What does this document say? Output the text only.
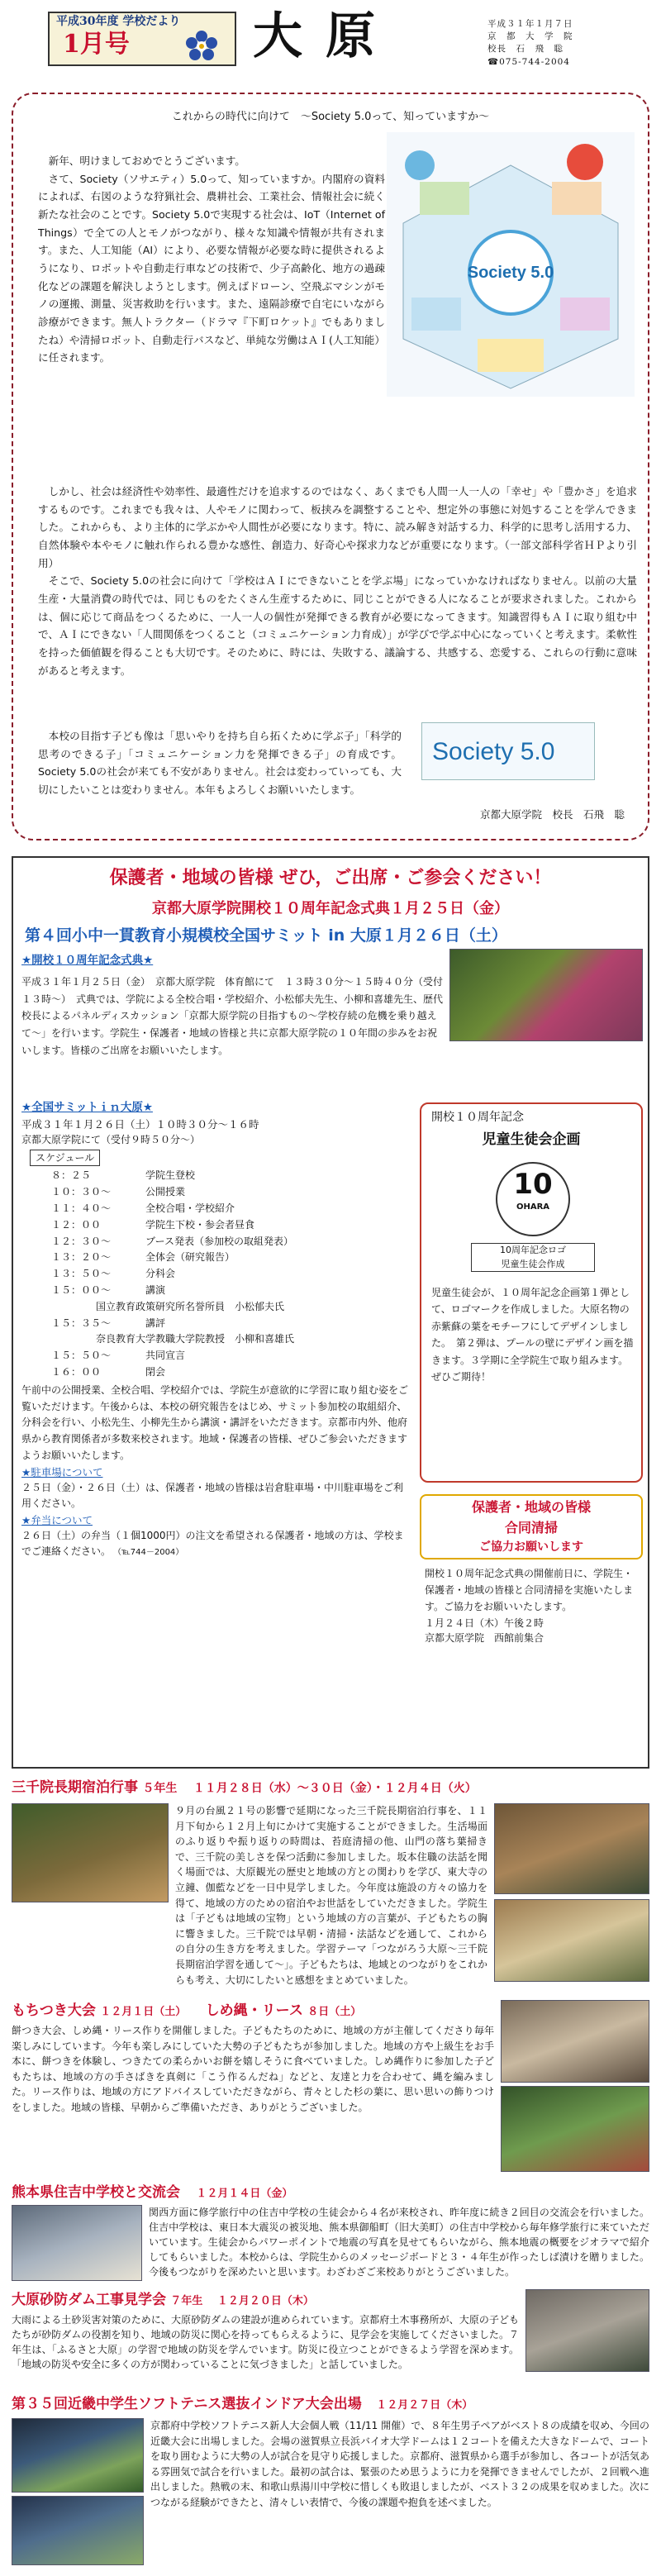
平成30年度 学校だより
1月号 大原	平成３１年１月７日
京　都　大　学　院
校長　石　飛　聡
☎075-744-2004
これからの時代に向けて　～Society 5.0って、知っていますか～
Society 5.0

新年、明けましておめでとうございます。

さて、Society（ソサエティ）5.0って、知っていますか。内閣府の資料によれば、右図のような狩猟社会、農耕社会、工業社会、情報社会に続く新たな社会のことです。Society 5.0で実現する社会は、IoT（Internet of Things）で全ての人とモノがつながり、様々な知識や情報が共有されます。また、人工知能（AI）により、必要な情報が必要な時に提供されるようになり、ロボットや自動走行車などの技術で、少子高齢化、地方の過疎化などの課題を解決しようとします。例えばドローン、空飛ぶマシンがモノの運搬、測量、災害救助を行います。また、遠隔診療で自宅にいながら診療ができます。無人トラクター（ドラマ『下町ロケット』でもありましたね）や清掃ロボット、自動走行バスなど、単純な労働はＡＩ(人工知能）に任されます。

しかし、社会は経済性や効率性、最適性だけを追求するのではなく、あくまでも人間一人一人の「幸せ」や「豊かさ」を追求するものです。これまでも我々は、人やモノに関わって、板挟みを調整することや、想定外の事態に対処することを学んできました。これからも、より主体的に学ぶかや人間性が必要になります。特に、読み解き対話する力、科学的に思考し活用する力、自然体験や本やモノに触れ作られる豊かな感性、創造力、好奇心や探求力などが重要になります。（一部文部科学省ＨＰより引用）

そこで、Society 5.0の社会に向けて「学校はＡＩにできないことを学ぶ場」になっていかなければなりません。以前の大量生産・大量消費の時代では、同じものをたくさん生産するために、同じことができる人になることが要求されました。これからは、個に応じて商品をつくるために、一人一人の個性が発揮できる教育が必要になってきます。知識習得もＡＩに取り組む中で、ＡＩにできない「人間関係をつくること（コミュニケーション力育成）」が学びで学ぶ中心になっていくと考えます。柔軟性を持った価値観を得ることも大切です。そのために、時には、失敗する、議論する、共感する、恋愛する、これらの行動に意味があると考えます。

本校の目指す子ども像は「思いやりを持ち自ら拓くために学ぶ子」「科学的思考のできる子」「コミュニケーション力を発揮できる子」の育成です。Society 5.0の社会が来ても不安がありません。社会は変わっていっても、大切にしたいことは変わりません。本年もよろしくお願いいたします。

Society 5.0
京都大原学院　校長　石飛　聡
保護者・地域の皆様 ぜひ，ご出席・ご参会ください！
京都大原学院開校１０周年記念式典１月２５日（金）
第４回小中一貫教育小規模校全国サミット in 大原１月２６日（土）
★開校１０周年記念式典★
平成３１年１月２５日（金）　京都大原学院　体育館にて　１３時３０分～１５時４０分（受付１３時～）　式典では、学院による全校合唱・学校紹介、小松郁夫先生、小柳和喜雄先生、歴代校長によるパネルディスカッション「京都大原学院の目指すもの～学校存続の危機を乗り越えて～」を行います。学院生・保護者・地域の皆様と共に京都大原学院の１０年間の歩みをお祝いします。皆様のご出席をお願いいたします。
★全国サミットｉｎ大原★
平成３１年１月２６日（土）１０時３０分～１６時
京都大原学院にて（受付９時５０分～）
スケジュール
８：２５	学院生登校
１０：３０～	公開授業
１１：４０～	全校合唱・学校紹介
１２：００	学院生下校・参会者昼食
１２：３０～	ブース発表（参加校の取組発表）
１３：２０～	全体会（研究報告）
１３：５０～	分科会
１５：００～	講演
国立教育政策研究所名誉所員　小松郁夫氏
１５：３５～	講評
奈良教育大学教職大学院教授　小柳和喜雄氏
１５：５０～	共同宣言
１６：００	閉会
午前中の公開授業、全校合唱、学校紹介では、学院生が意欲的に学習に取り組む姿をご覧いただけます。午後からは、本校の研究報告をはじめ、サミット参加校の取組紹介、分科会を行い、小松先生、小柳先生から講演・講評をいただきます。京都市内外、他府県から教育関係者が多数来校されます。地域・保護者の皆様、ぜひご参会いただきますようお願いいたします。
★駐車場について
２５日（金）・２６日（土）は、保護者・地域の皆様は岩倉駐車場・中川駐車場をご利用ください。
★弁当について
２６日（土）の弁当（１個1000円）の注文を希望される保護者・地域の方は、学校までご連絡ください。 （℡744－2004）
開校１０周年記念
児童生徒会企画
10
OHARA
10周年記念ロゴ
児童生徒会作成
児童生徒会が、１０周年記念企画第１弾として、ロゴマークを作成しました。大原名物の赤紫蘇の葉をモチーフにしてデザインしました。　第２弾は、プールの壁にデザイン画を描きます。３学期に全学院生で取り組みます。ぜひご期待！
保護者・地域の皆様
合同清掃
ご協力お願いします
開校１０周年記念式典の開催前日に、学院生・保護者・地域の皆様と合同清掃を実施いたします。ご協力をお願いいたします。
１月２４日（木）午後２時
京都大原学院　西館前集合
三千院長期宿泊行事 ５年生 １１月２８日（水）～３０日（金）・１２月４日（火）
９月の台風２１号の影響で延期になった三千院長期宿泊行事を、１１月下旬から１２月上旬にかけて実施することができました。生活場面のふり返りや振り返りの時間は、苔庭清掃の他、山門の落ち葉掃きで、三千院の美しさを保つ活動に参加しました。坂本住職の法話を聞く場面では、大原観光の歴史と地域の方との関わりを学び、東大寺の立鐘、伽藍などを一日中見学しました。今年度は施設の方々の協力を得て、地域の方のための宿泊やお世話をしていただきました。学院生は「子どもは地域の宝物」という地域の方の言葉が、子どもたちの胸に響きました。三千院では早朝・清掃・法話などを通して、これからの自分の生き方を考えました。学習テーマ「つながろう大原～三千院長期宿泊学習を通して～」。子どもたちは、地域とのつながりをこれからも考え、大切にしたいと感想をまとめていました。
もちつき大会 １２月１日（土） しめ縄・リース ８日（土）
餅つき大会、しめ縄・リース作りを開催しました。子どもたちのために、地域の方が主催してくださり毎年楽しみにしています。今年も楽しみにしていた大勢の子どもたちが参加しました。地域の方や上級生をお手本に、餅つきを体験し、つきたての柔らかいお餅を嬉しそうに食べていました。しめ縄作りに参加した子どもたちは、地域の方の手さばきを真剣に「こう作るんだね」などと、友達と力を合わせて、縄を編みました。リース作りは、地域の方にアドバイスしていただきながら、青々とした杉の葉に、思い思いの飾りつけをしました。地域の皆様、早朝からご準備いただき、ありがとうございました。
熊本県住吉中学校と交流会 １２月１４日（金）
関西方面に修学旅行中の住吉中学校の生徒会から４名が来校され、昨年度に続き２回目の交流会を行いました。住吉中学校は、東日本大震災の被災地、熊本県御船町（旧大美町）の住吉中学校から毎年修学旅行に来ていただいています。生徒会からパワーポイントで地震の写真を見せてもらいながら、熊本地震の概要をジオラマで紹介してもらいました。本校からは、学院生からのメッセージボードと３・４年生が作ったしば漬けを贈りました。今後もつながりを深めたいと思います。わざわざご来校ありがとうございました。
大原砂防ダム工事見学会 ７年生 １２月２０日（木）
大雨による土砂災害対策のために、大原砂防ダムの建設が進められています。京都府土木事務所が、大原の子どもたちが砂防ダムの役割を知り、地域の防災に関心を持ってもらえるように、見学会を実施してくださいました。７年生は、「ふるさと大原」の学習で地域の防災を学んでいます。防災に役立つことができるよう学習を深めます。「地域の防災や安全に多くの方が関わっていることに気づきました」と話していました。
第３５回近畿中学生ソフトテニス選抜インドア大会出場 １２月２７日（木）
京都府中学校ソフトテニス新人大会個人戦（11/11 開催）で、８年生男子ペアがベスト８の成績を収め、今回の近畿大会に出場しました。会場の滋賀県立長浜バイオ大学ドームは１２コートを備えた大きなドームで、コートを取り囲むように大勢の人が試合を見守り応援しました。京都府、滋賀県から選手が参加し、各コートが活気ある雰囲気で試合を行いました。最初の試合は、緊張のため思うように力を発揮できませんでしたが、２回戦へ進出しました。熱戦の末、和歌山県湯川中学校に惜しくも敗退しましたが、ベスト３２の成果を収めました。次につながる経験ができたと、清々しい表情で、今後の課題や抱負を述べました。
